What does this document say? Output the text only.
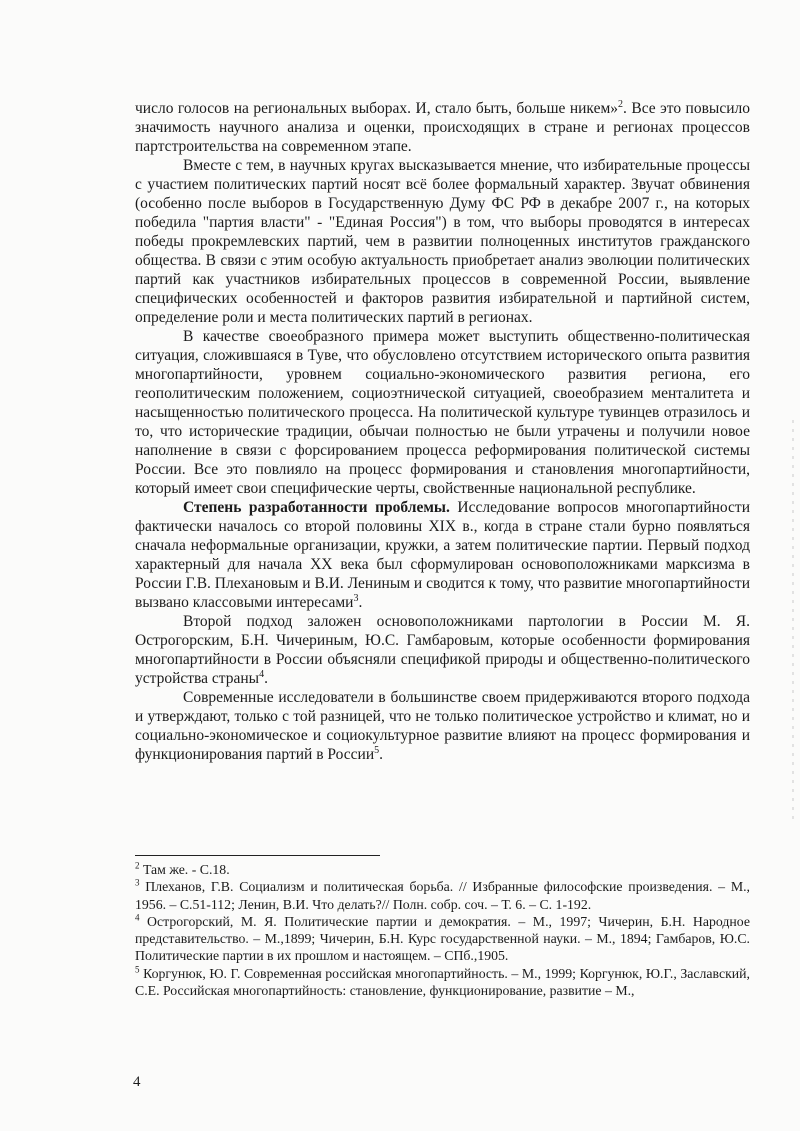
число голосов на региональных выборах. И, стало быть, больше никем»$^2$. Все это повысило значимость научного анализа и оценки, происходящих в стране и регионах процессов партстроительства на современном этапе.

Вместе с тем, в научных кругах высказывается мнение, что избирательные процессы с участием политических партий носят всё более формальный характер. Звучат обвинения (особенно после выборов в Государственную Думу ФС РФ в декабре 2007 г., на которых победила "партия власти" - "Единая Россия") в том, что выборы проводятся в интересах победы прокремлевских партий, чем в развитии полноценных институтов гражданского общества. В связи с этим особую актуальность приобретает анализ эволюции политических партий как участников избирательных процессов в современной России, выявление специфических особенностей и факторов развития избирательной и партийной систем, определение роли и места политических партий в регионах.

В качестве своеобразного примера может выступить общественно-политическая ситуация, сложившаяся в Туве, что обусловлено отсутствием исторического опыта развития многопартийности, уровнем социально-экономического развития региона, его геополитическим положением, социоэтнической ситуацией, своеобразием менталитета и насыщенностью политического процесса. На политической культуре тувинцев отразилось и то, что исторические традиции, обычаи полностью не были утрачены и получили новое наполнение в связи с форсированием процесса реформирования политической системы России. Все это повлияло на процесс формирования и становления многопартийности, который имеет свои специфические черты, свойственные национальной республике.

Степень разработанности проблемы. Исследование вопросов многопартийности фактически началось со второй половины XIX в., когда в стране стали бурно появляться сначала неформальные организации, кружки, а затем политические партии. Первый подход характерный для начала XX века был сформулирован основоположниками марксизма в России Г.В. Плехановым и В.И. Лениным и сводится к тому, что развитие многопартийности вызвано классовыми интересами$^3$.

Второй подход заложен основоположниками партологии в России М. Я. Острогорским, Б.Н. Чичериным, Ю.С. Гамбаровым, которые особенности формирования многопартийности в России объясняли спецификой природы и общественно-политического устройства страны$^4$.

Современные исследователи в большинстве своем придерживаются второго подхода и утверждают, только с той разницей, что не только политическое устройство и климат, но и социально-экономическое и социокультурное развитие влияют на процесс формирования и функционирования партий в России$^5$.

$^2$ Там же. - С.18.

$^3$ Плеханов, Г.В. Социализм и политическая борьба. // Избранные философские произведения. – М., 1956. – С.51-112; Ленин, В.И. Что делать?// Полн. собр. соч. – Т. 6. – С. 1-192.

$^4$ Острогорский, М. Я. Политические партии и демократия. – М., 1997; Чичерин, Б.Н. Народное представительство. – М.,1899; Чичерин, Б.Н. Курс государственной науки. – М., 1894; Гамбаров, Ю.С. Политические партии в их прошлом и настоящем. – СПб.,1905.

$^5$ Коргунюк, Ю. Г. Современная российская многопартийность. – М., 1999; Коргунюк, Ю.Г., Заславский, С.Е. Российская многопартийность: становление, функционирование, развитие – М.,

4
